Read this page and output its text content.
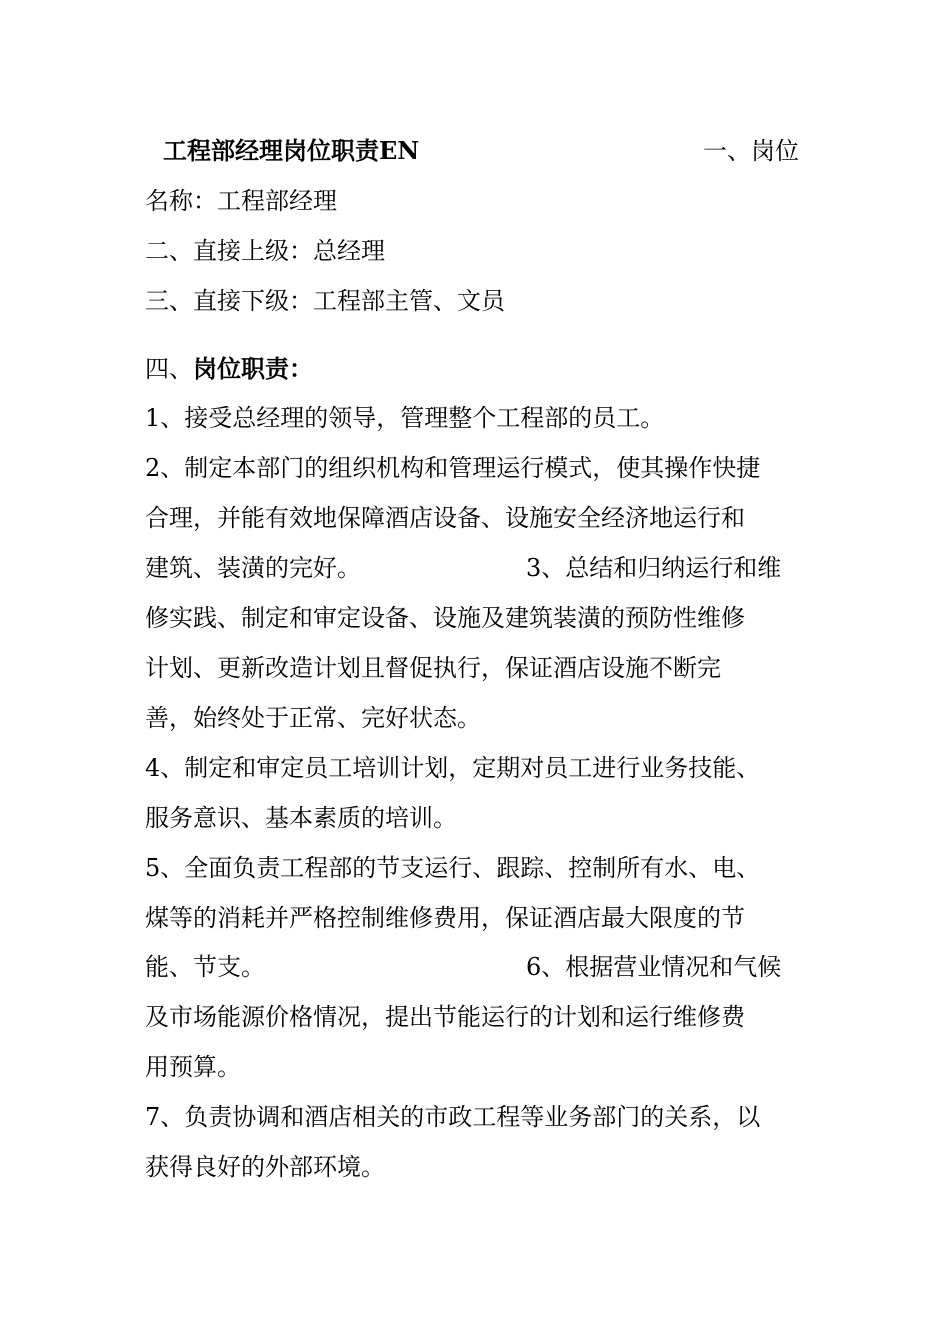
工程部经理岗位职责EN	一、岗位
名称：工程部经理
二、直接上级：总经理
三、直接下级：工程部主管、文员
四、岗位职责：
1、接受总经理的领导，管理整个工程部的员工。
2、制定本部门的组织机构和管理运行模式，使其操作快捷
合理，并能有效地保障酒店设备、设施安全经济地运行和
建筑、装潢的完好。	3、总结和归纳运行和维
修实践、制定和审定设备、设施及建筑装潢的预防性维修
计划、更新改造计划且督促执行，保证酒店设施不断完
善，始终处于正常、完好状态。
4、制定和审定员工培训计划，定期对员工进行业务技能、
服务意识、基本素质的培训。
5、全面负责工程部的节支运行、跟踪、控制所有水、电、
煤等的消耗并严格控制维修费用，保证酒店最大限度的节
能、节支。	6、根据营业情况和气候
及市场能源价格情况，提出节能运行的计划和运行维修费
用预算。
7、负责协调和酒店相关的市政工程等业务部门的关系，以
获得良好的外部环境。
